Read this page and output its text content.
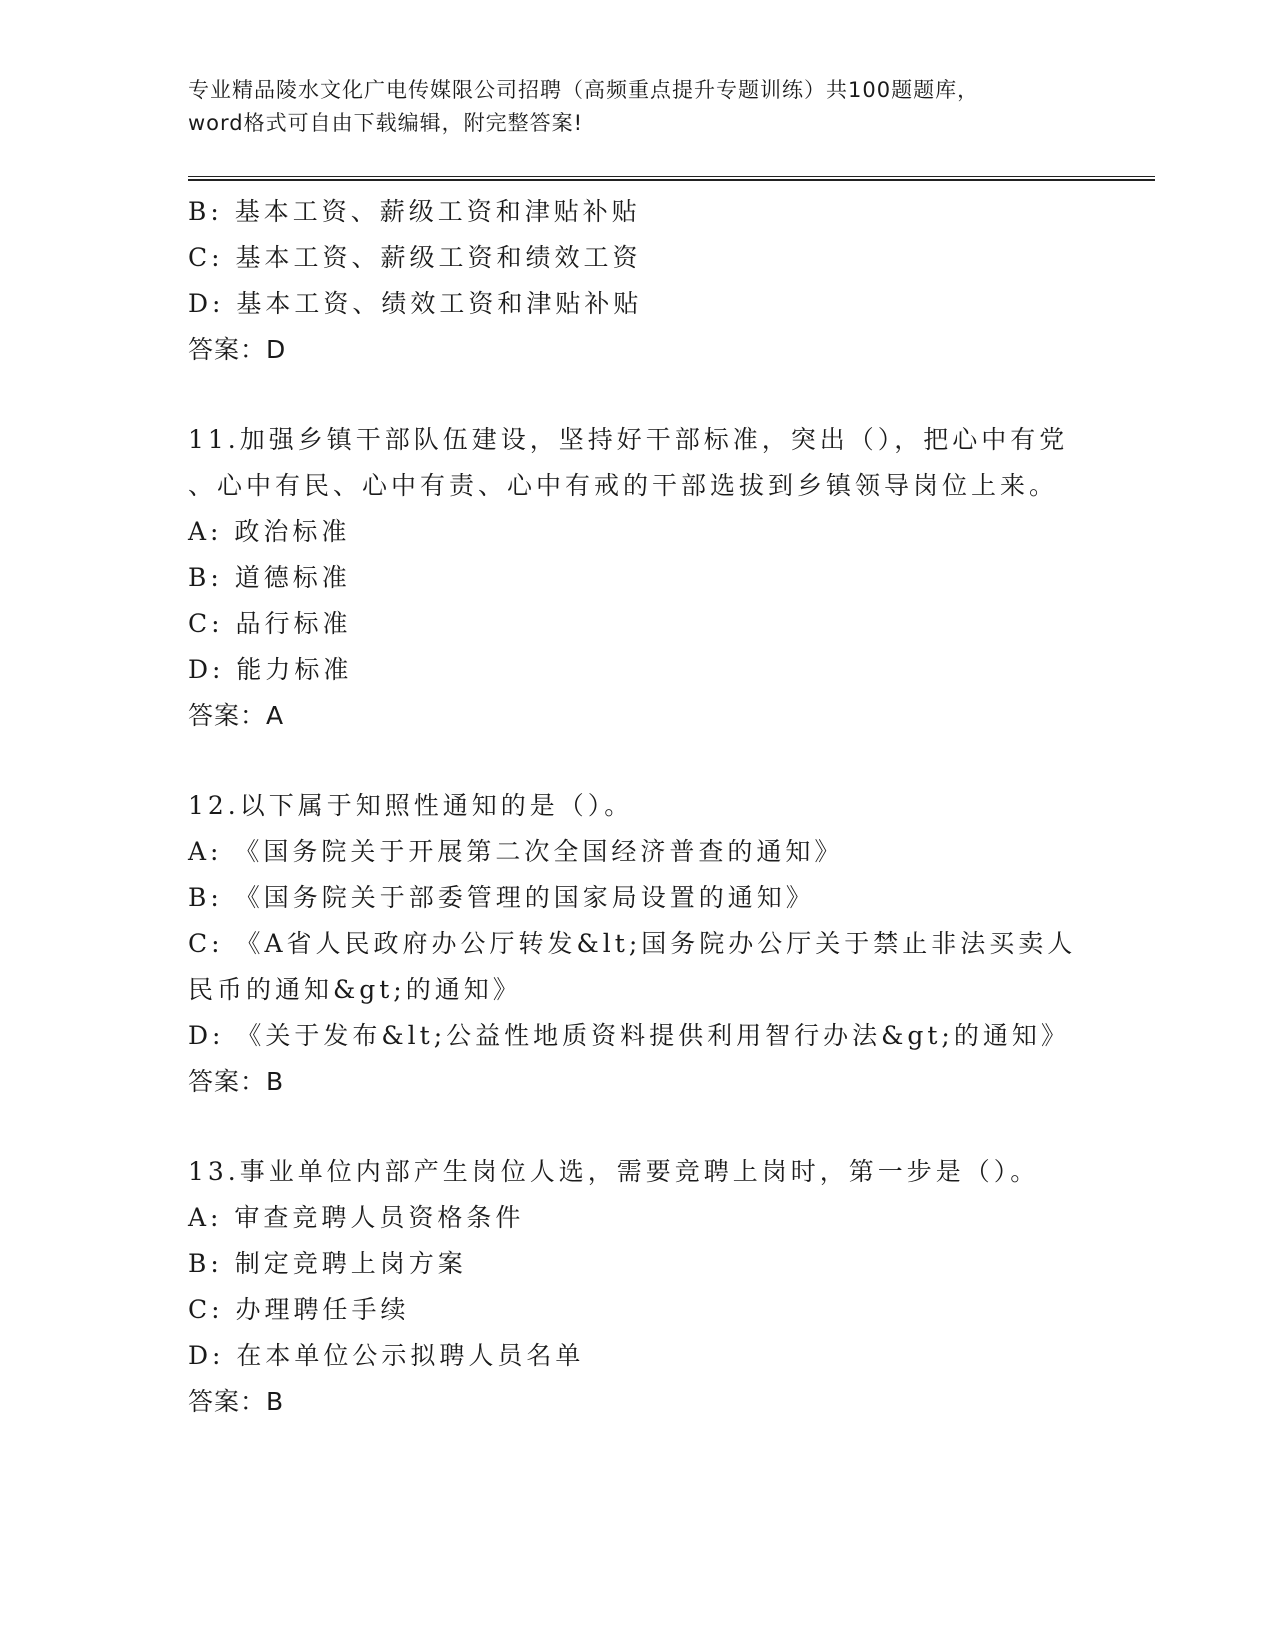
专业精品陵水文化广电传媒限公司招聘（高频重点提升专题训练）共100题题库，word格式可自由下载编辑，附完整答案!
B: 基本工资、薪级工资和津贴补贴
C: 基本工资、薪级工资和绩效工资
D: 基本工资、绩效工资和津贴补贴
答案：D
11.加强乡镇干部队伍建设，坚持好干部标准，突出（），把心中有党
、心中有民、心中有责、心中有戒的干部选拔到乡镇领导岗位上来。
A: 政治标准
B: 道德标准
C: 品行标准
D: 能力标准
答案：A
12.以下属于知照性通知的是（）。
A: 《国务院关于开展第二次全国经济普查的通知》
B: 《国务院关于部委管理的国家局设置的通知》
C: 《A省人民政府办公厅转发&lt;国务院办公厅关于禁止非法买卖人
民币的通知&gt;的通知》
D: 《关于发布&lt;公益性地质资料提供利用智行办法&gt;的通知》
答案：B
13.事业单位内部产生岗位人选，需要竞聘上岗时，第一步是（）。
A: 审查竞聘人员资格条件
B: 制定竞聘上岗方案
C: 办理聘任手续
D: 在本单位公示拟聘人员名单
答案：B
